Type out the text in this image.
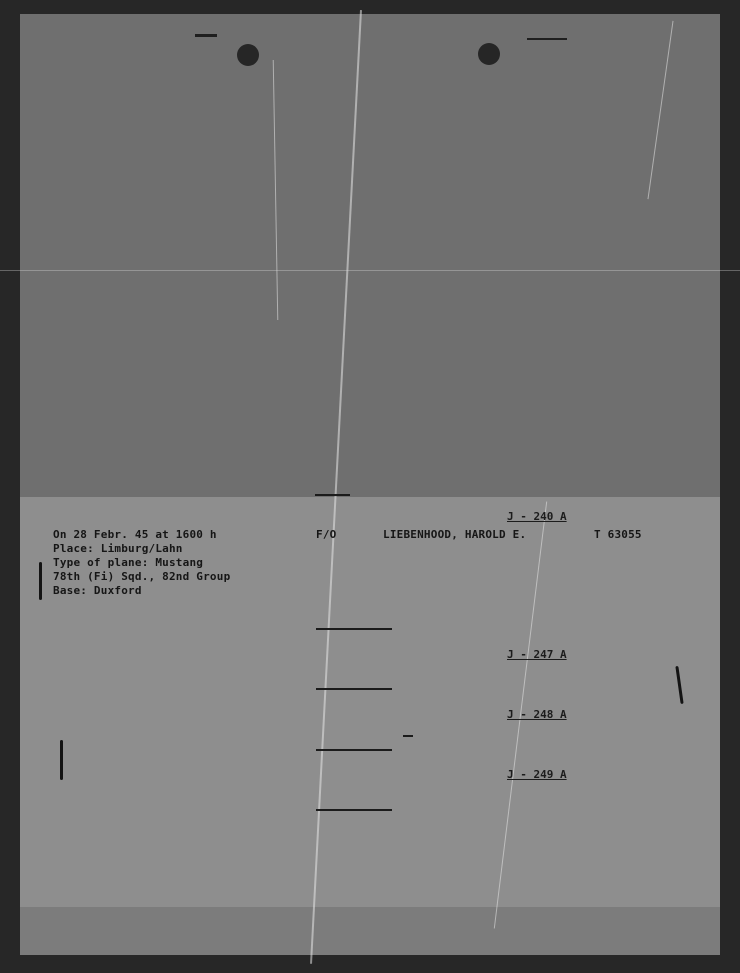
On 28 Febr. 45 at 1600 h
Place: Limburg/Lahn
Type of plane: Mustang
78th (Fi) Sqd., 82nd Group
Base: Duxford
F/O	LIEBENHOOD, HAROLD E.	T 63055
J - 240 A
J - 247 A
J - 248 A
J - 249 A
